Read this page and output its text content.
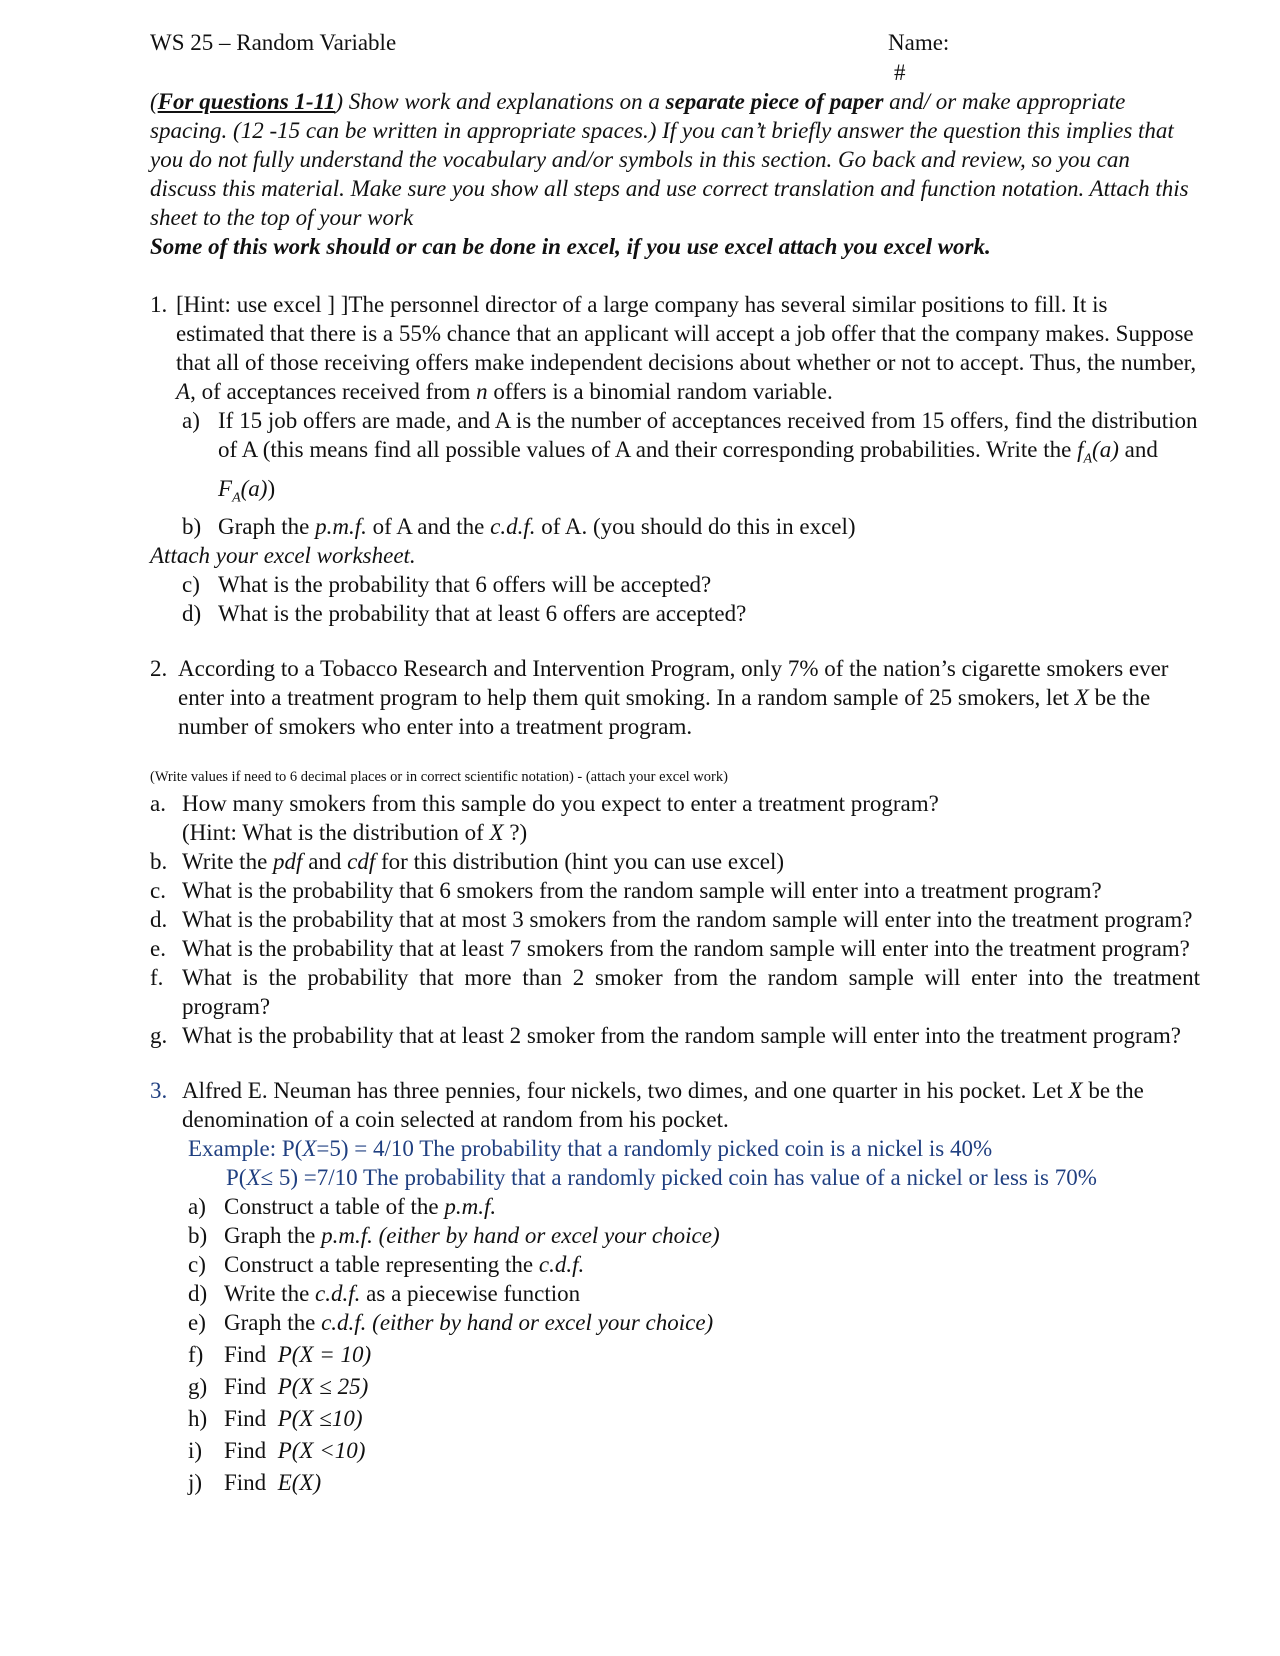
WS 25 – Random Variable	Name:
#
(For questions 1-11) Show work and explanations on a separate piece of paper and/ or make appropriate spacing. (12 -15 can be written in appropriate spaces.) If you can’t briefly answer the question this implies that you do not fully understand the vocabulary and/or symbols in this section. Go back and review, so you can discuss this material. Make sure you show all steps and use correct translation and function notation. Attach this sheet to the top of your work
Some of this work should or can be done in excel, if you use excel attach you excel work.
1. [Hint: use excel ] ]The personnel director of a large company has several similar positions to fill. It is estimated that there is a 55% chance that an applicant will accept a job offer that the company makes. Suppose that all of those receiving offers make independent decisions about whether or not to accept. Thus, the number, A, of acceptances received from n offers is a binomial random variable.
a) If 15 job offers are made, and A is the number of acceptances received from 15 offers, find the distribution of A (this means find all possible values of A and their corresponding probabilities. Write the $f_A(a)$ and $F_A(a)$)
b) Graph the p.m.f. of A and the c.d.f. of A. (you should do this in excel)
Attach your excel worksheet.
c) What is the probability that 6 offers will be accepted?
d) What is the probability that at least 6 offers are accepted?
2. According to a Tobacco Research and Intervention Program, only 7% of the nation’s cigarette smokers ever enter into a treatment program to help them quit smoking. In a random sample of 25 smokers, let X be the number of smokers who enter into a treatment program.
(Write values if need to 6 decimal places or in correct scientific notation) - (attach your excel work)
a. How many smokers from this sample do you expect to enter a treatment program?
(Hint: What is the distribution of X ?)
b. Write the pdf and cdf for this distribution (hint you can use excel)
c. What is the probability that 6 smokers from the random sample will enter into a treatment program?
d. What is the probability that at most 3 smokers from the random sample will enter into the treatment program?
e. What is the probability that at least 7 smokers from the random sample will enter into the treatment program?
f. What is the probability that more than 2 smoker from the random sample will enter into the treatment program?
g. What is the probability that at least 2 smoker from the random sample will enter into the treatment program?
3. Alfred E. Neuman has three pennies, four nickels, two dimes, and one quarter in his pocket. Let X be the denomination of a coin selected at random from his pocket.
Example: P(X=5) = 4/10 The probability that a randomly picked coin is a nickel is 40%
P(X≤ 5) =7/10 The probability that a randomly picked coin has value of a nickel or less is 70%
a) Construct a table of the p.m.f.
b) Graph the p.m.f. (either by hand or excel your choice)
c) Construct a table representing the c.d.f.
d) Write the c.d.f. as a piecewise function
e) Graph the c.d.f. (either by hand or excel your choice)
f) Find P(X = 10)
g) Find P(X ≤ 25)
h) Find P(X ≤10)
i) Find P(X <10)
j) Find E(X)
